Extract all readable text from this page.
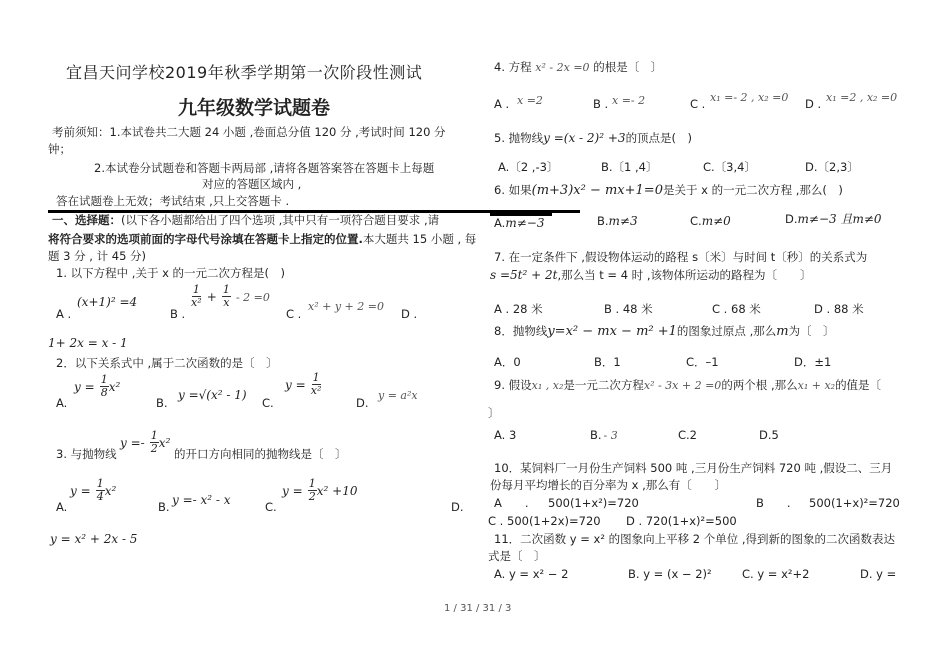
宜昌天问学校2019年秋季学期第一次阶段性测试
九年级数学试题卷
考前须知：1.本试卷共二大题 24 小题 ,卷面总分值 120 分 ,考试时间 120 分
钟；
2.本试卷分试题卷和答题卡两局部 ,请将各题答案答在答题卡上每题
对应的答题区域内 ,
答在试题卷上无效；考试结束 ,只上交答题卡 .
一、选择题：(以下各小题都给出了四个选项 ,其中只有一项符合题目要求 ,请
将符合要求的选项前面的字母代号涂填在答题卡上指定的位置.本大题共 15 小题 , 每
题 3 分 , 计 45 分)
1. 以下方程中 ,关于 x 的一元二次方程是(　)
A .
(x+1)² =4
B .
$\frac{1}{\text{x²}} + \frac{1}{x} - 2 =0$
C .
x² + y + 2 =0
D .
1+ 2x = x - 1
2．以下关系式中 ,属于二次函数的是〔　〕
A.
$y = \frac{1}{8} x^2$
B.
y =√(x² - 1)
C.
$y = \frac{1}{\text{x²}}$
D.
y = a²x
$y =- \frac{1}{2} x^2$
3. 与抛物线	的开口方向相同的抛物线是〔　〕
A.
$y = \frac{1}{4} x^2$
B. y =- x² - x	C.
$y = \frac{1}{2} x^2 +10$
D.
y = x² + 2x - 5
4. 方程 x² - 2x =0 的根是〔　〕
A . x =2	B . x =- 2	C . x₁ =- 2 , x₂ =0 D . x₁ =2 , x₂ =0
5. 抛物线y =(x - 2)² +3的顶点是(　)
A.〔2 ,-3〕	B.〔1 ,4〕	C.〔3,4〕	D.〔2,3〕
6. 如果(m+3)x² − mx+1=0是关于 x 的一元二次方程 ,那么(　)
A.m≠−3	B.m≠3	C.m≠0	D.m≠−3 且m≠0
7. 在一定条件下 ,假设物体运动的路程 s〔米〕与时间 t〔秒〕的关系式为
s =5t² + 2t,那么当 t = 4 时 ,该物体所运动的路程为〔　　〕
A . 28 米	B . 48 米	C . 68 米	D . 88 米
8．抛物线y=x² − mx − m² +1的图象过原点 ,那么m为〔　〕
A．0	B．1	C．–1	D．±1
9. 假设x₁ , x₂是一元二次方程x² - 3x + 2 =0的两个根 ,那么x₁ + x₂的值是〔
〕
A. 3	B. - 3	C.2	D.5
10．某饲料厂一月份生产饲料 500 吨 ,三月份生产饲料 720 吨 ,假设二、三月
份每月平均增长的百分率为 x ,那么有〔　　〕
A　　. 500(1+x²)=720	B　　. 500(1+x)²=720
C . 500(1+2x)=720 D . 720(1+x)²=500
11．二次函数 y = x² 的图象向上平移 2 个单位 ,得到新的图象的二次函数表达
式是〔　〕
A. y = x² − 2	B. y = (x − 2)²	C. y = x²+2	D. y =
1 / 31 / 31 / 3
